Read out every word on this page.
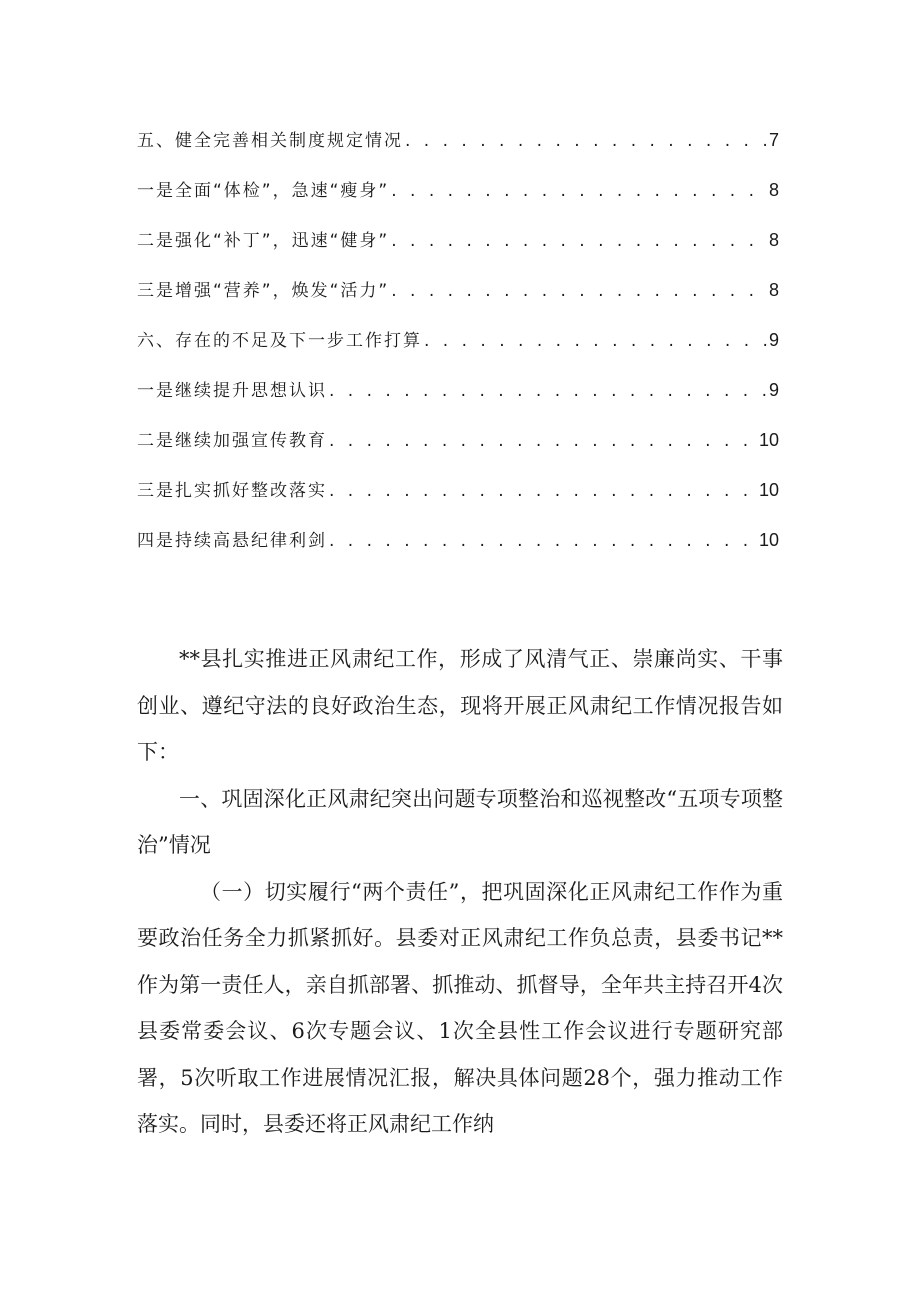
五、健全完善相关制度规定情况 . . .	7
一是全面“体检”，急速“瘦身” . . .	8
二是强化“补丁”，迅速“健身” . . .	8
三是增强“营养”，焕发“活力” . . .	8
六、存在的不足及下一步工作打算 . . .	9
一是继续提升思想认识 . . .	9
二是继续加强宣传教育 . . .	10
三是扎实抓好整改落实 . . .	10
四是持续高悬纪律利剑 . . .	10

**县扎实推进正风肃纪工作，形成了风清气正、崇廉尚实、干事创业、遵纪守法的良好政治生态，现将开展正风肃纪工作情况报告如下：

一、巩固深化正风肃纪突出问题专项整治和巡视整改“五项专项整治”情况

（一）切实履行“两个责任”，把巩固深化正风肃纪工作作为重要政治任务全力抓紧抓好。县委对正风肃纪工作负总责，县委书记**作为第一责任人，亲自抓部署、抓推动、抓督导，全年共主持召开4次县委常委会议、6次专题会议、1次全县性工作会议进行专题研究部署，5次听取工作进展情况汇报，解决具体问题28个，强力推动工作落实。同时，县委还将正风肃纪工作纳
